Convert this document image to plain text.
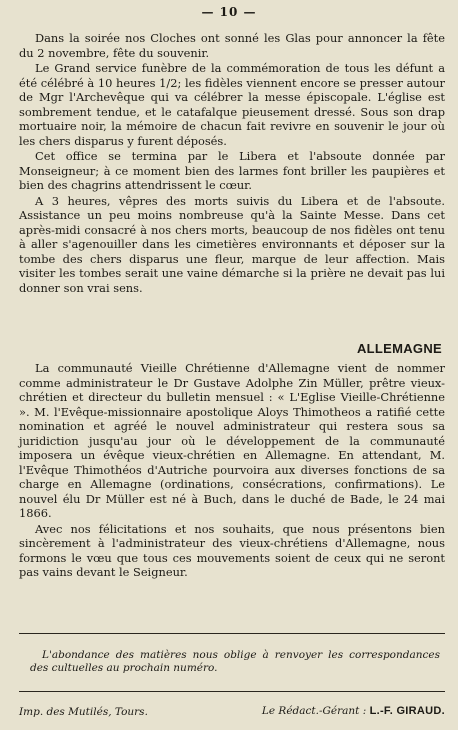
— 10 —

Dans la soirée nos Cloches ont sonné les Glas pour annoncer la fête du 2 novembre, fête du souvenir.

Le Grand service funèbre de la commémoration de tous les défunt a été célébré à 10 heures 1/2; les fidèles viennent encore se presser autour de Mgr l'Archevêque qui va célébrer la messe épiscopale. L'église est sombrement tendue, et le catafalque pieusement dressé. Sous son drap mortuaire noir, la mémoire de chacun fait revivre en souvenir le jour où les chers disparus y furent déposés.

Cet office se termina par le Libera et l'absoute donnée par Monseigneur; à ce moment bien des larmes font briller les paupières et bien des chagrins attendrissent le cœur.

A 3 heures, vêpres des morts suivis du Libera et de l'absoute. Assistance un peu moins nombreuse qu'à la Sainte Messe. Dans cet après-midi consacré à nos chers morts, beaucoup de nos fidèles ont tenu à aller s'agenouiller dans les cimetières environnants et déposer sur la tombe des chers disparus une fleur, marque de leur affection. Mais visiter les tombes serait une vaine démarche si la prière ne devait pas lui donner son vrai sens.

ALLEMAGNE

La communauté Vieille Chrétienne d'Allemagne vient de nommer comme administrateur le Dr Gustave Adolphe Zin Müller, prêtre vieux-chrétien et directeur du bulletin mensuel : « L'Eglise Vieille-Chrétienne ». M. l'Evêque-missionnaire apostolique Aloys Thimotheos a ratifié cette nomination et agréé le nouvel administrateur qui restera sous sa juridiction jusqu'au jour où le développement de la communauté imposera un évêque vieux-chrétien en Allemagne. En attendant, M. l'Evêque Thimothéos d'Autriche pourvoira aux diverses fonctions de sa charge en Allemagne (ordinations, consécrations, confirmations). Le nouvel élu Dr Müller est né à Buch, dans le duché de Bade, le 24 mai 1866.

Avec nos félicitations et nos souhaits, que nous présentons bien sincèrement à l'administrateur des vieux-chrétiens d'Allemagne, nous formons le vœu que tous ces mouvements soient de ceux qui ne seront pas vains devant le Seigneur.

L'abondance des matières nous oblige à renvoyer les correspondances des cultuelles au prochain numéro.

Imp. des Mutilés, Tours.	Le Rédact.-Gérant : L.-F. GIRAUD.
